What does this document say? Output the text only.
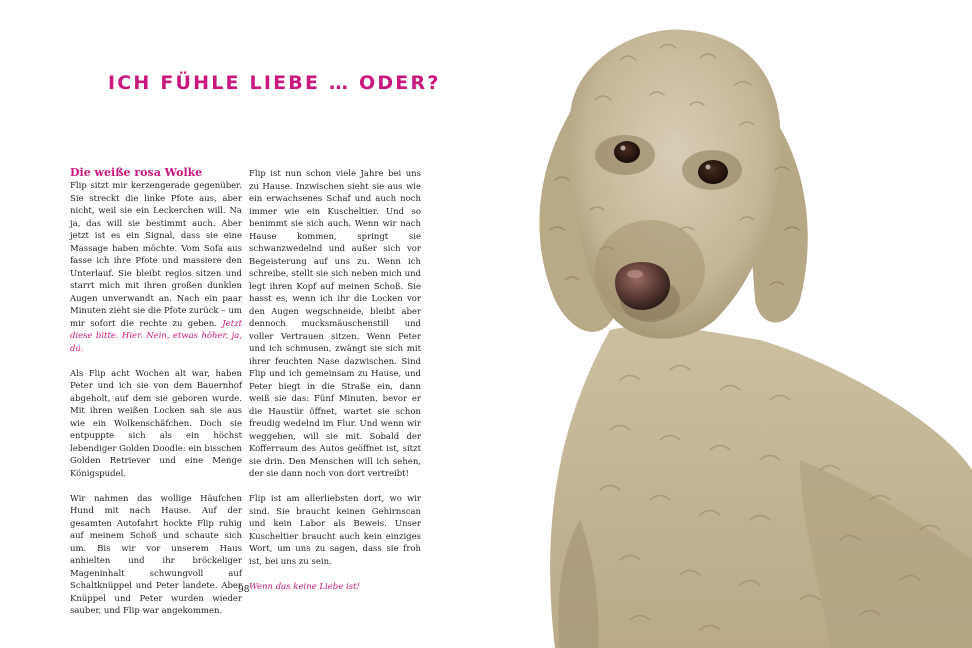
ICH FÜHLE LIEBE … ODER?
Die weiße rosa Wolke

Flip sitzt mir kerzengerade gegenüber. Sie streckt die linke Pfote aus, aber nicht, weil sie ein Leckerchen will. Na ja, das will sie bestimmt auch. Aber jetzt ist es ein Signal, dass sie eine Massage haben möchte. Vom Sofa aus fasse ich ihre Pfote und massiere den Unterlauf. Sie bleibt reglos sitzen und starrt mich mit ihren großen dunklen Augen unverwandt an. Nach ein paar Minuten zieht sie die Pfote zurück – um mir sofort die rechte zu geben. Jetzt diese bitte. Hier. Nein, etwas höher, ja, da.

Als Flip acht Wochen alt war, haben Peter und ich sie von dem Bauernhof abgeholt, auf dem sie geboren wurde. Mit ihren weißen Locken sah sie aus wie ein Wolkenschäfchen. Doch sie entpuppte sich als ein höchst lebendiger Golden Doodle: ein bisschen Golden Retriever und eine Menge Königspudel.

Wir nahmen das wollige Häufchen Hund mit nach Hause. Auf der gesamten Autofahrt hockte Flip ruhig auf meinem Schoß und schaute sich um. Bis wir vor unserem Haus anhielten und ihr bröckeliger Mageninhalt schwungvoll auf Schaltknüppel und Peter landete. Aber Knüppel und Peter wurden wieder sauber, und Flip war angekommen.

Flip ist nun schon viele Jahre bei uns zu Hause. Inzwischen sieht sie aus wie ein erwachsenes Schaf und auch noch immer wie ein Kuscheltier. Und so benimmt sie sich auch. Wenn wir nach Hause kommen, springt sie schwanzwedelnd und außer sich vor Begeisterung auf uns zu. Wenn ich schreibe, stellt sie sich neben mich und legt ihren Kopf auf meinen Schoß. Sie hasst es, wenn ich ihr die Locken vor den Augen wegschneide, bleibt aber dennoch mucksmäuschenstill und voller Vertrauen sitzen. Wenn Peter und ich schmusen, zwängt sie sich mit ihrer feuchten Nase dazwischen. Sind Flip und ich gemeinsam zu Hause, und Peter biegt in die Straße ein, dann weiß sie das: Fünf Minuten, bevor er die Haustür öffnet, wartet sie schon freudig wedelnd im Flur. Und wenn wir weggehen, will sie mit. Sobald der Kofferraum des Autos geöffnet ist, sitzt sie drin. Den Menschen will ich sehen, der sie dann noch von dort vertreibt!

Flip ist am allerliebsten dort, wo wir sind. Sie braucht keinen Gehirnscan und kein Labor als Beweis. Unser Kuscheltier braucht auch kein einziges Wort, um uns zu sagen, dass sie froh ist, bei uns zu sein.

Wenn das keine Liebe ist!

98
